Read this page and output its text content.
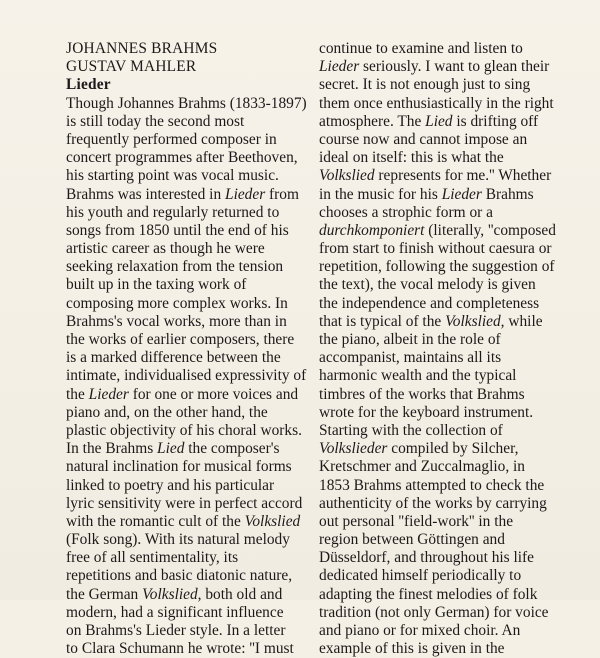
JOHANNES BRAHMS
GUSTAV MAHLER
Lieder
Though Johannes Brahms (1833-1897)
is still today the second most
frequently performed composer in
concert programmes after Beethoven,
his starting point was vocal music.
Brahms was interested in Lieder from
his youth and regularly returned to
songs from 1850 until the end of his
artistic career as though he were
seeking relaxation from the tension
built up in the taxing work of
composing more complex works. In
Brahms's vocal works, more than in
the works of earlier composers, there
is a marked difference between the
intimate, individualised expressivity of
the Lieder for one or more voices and
piano and, on the other hand, the
plastic objectivity of his choral works.
In the Brahms Lied the composer's
natural inclination for musical forms
linked to poetry and his particular
lyric sensitivity were in perfect accord
with the romantic cult of the Volkslied
(Folk song). With its natural melody
free of all sentimentality, its
repetitions and basic diatonic nature,
the German Volkslied, both old and
modern, had a significant influence
on Brahms's Lieder style. In a letter
to Clara Schumann he wrote: ''I must
continue to examine and listen to
Lieder seriously. I want to glean their
secret. It is not enough just to sing
them once enthusiastically in the right
atmosphere. The Lied is drifting off
course now and cannot impose an
ideal on itself: this is what the
Volkslied represents for me.'' Whether
in the music for his Lieder Brahms
chooses a strophic form or a
durchkomponiert (literally, ''composed
from start to finish without caesura or
repetition, following the suggestion of
the text), the vocal melody is given
the independence and completeness
that is typical of the Volkslied, while
the piano, albeit in the role of
accompanist, maintains all its
harmonic wealth and the typical
timbres of the works that Brahms
wrote for the keyboard instrument.
Starting with the collection of
Volkslieder compiled by Silcher,
Kretschmer and Zuccalmaglio, in
1853 Brahms attempted to check the
authenticity of the works by carrying
out personal ''field-work'' in the
region between Göttingen and
Düsseldorf, and throughout his life
dedicated himself periodically to
adapting the finest melodies of folk
tradition (not only German) for voice
and piano or for mixed choir. An
example of this is given in the
